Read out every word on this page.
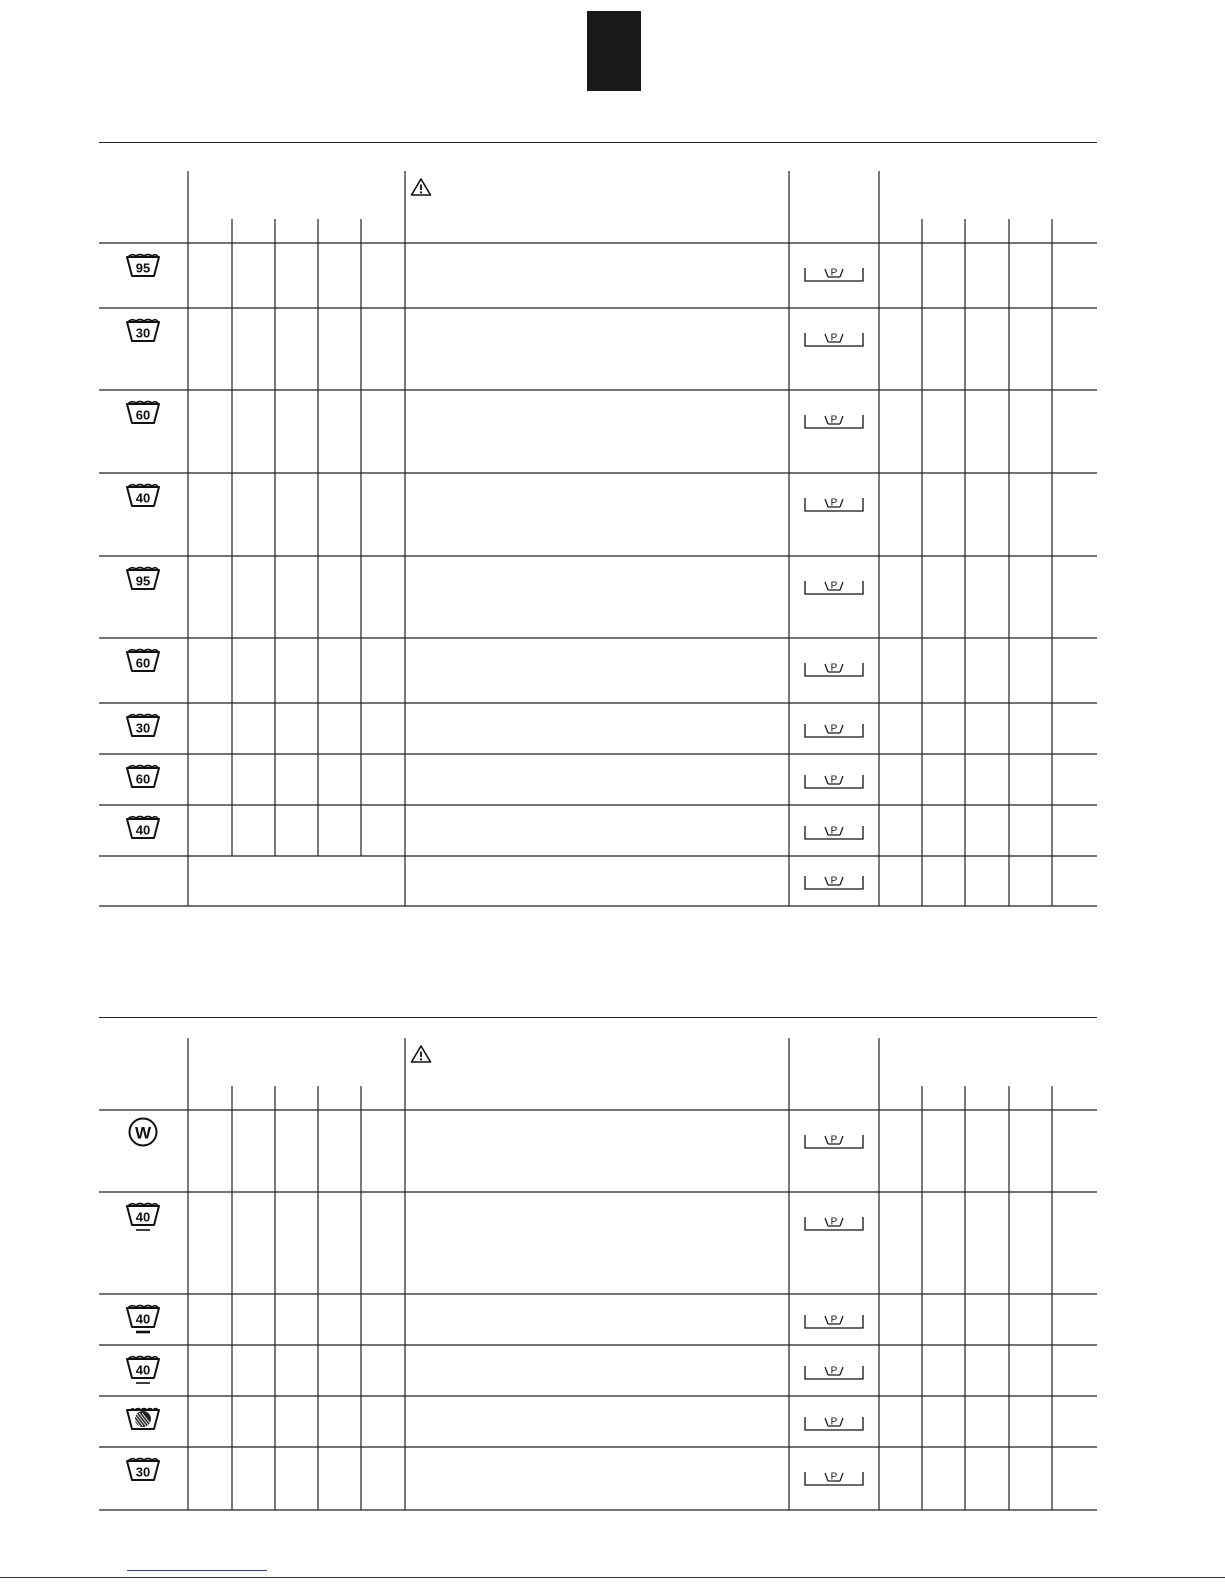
95	P
30	P
60	P
40	P
95	P
60	P
30	P
60	P
40	P
P
W	P
40	P
40	P
40	P
P
30	P
